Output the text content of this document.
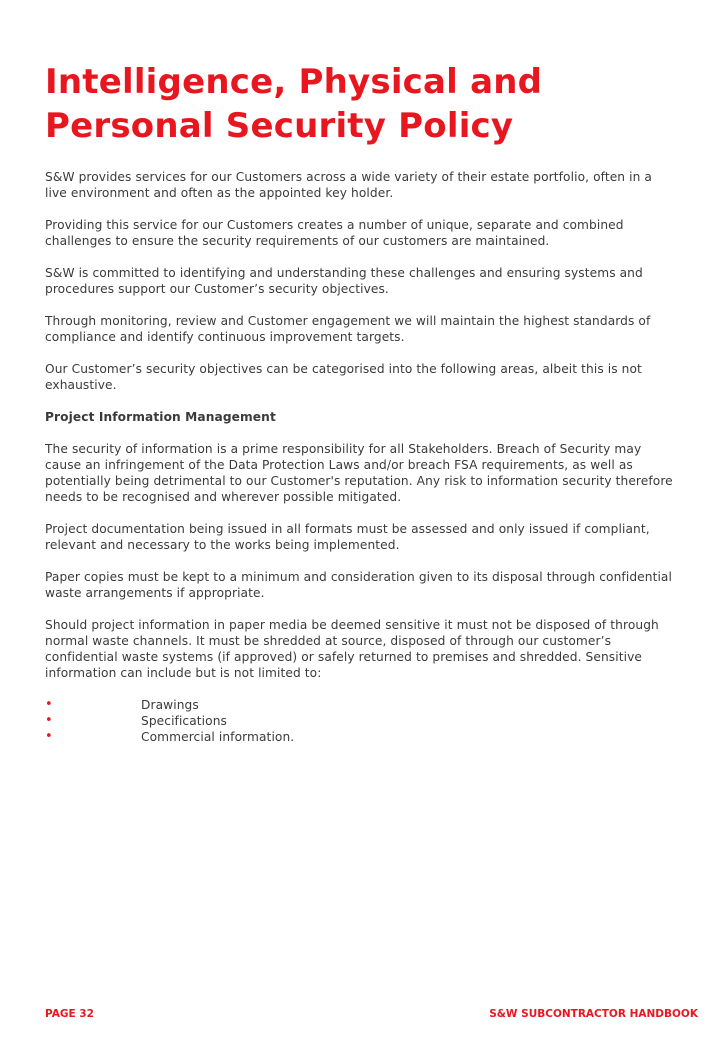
Intelligence, Physical and Personal Security Policy

S&W provides services for our Customers across a wide variety of their estate portfolio, often in a live environment and often as the appointed key holder.

Providing this service for our Customers creates a number of unique, separate and combined challenges to ensure the security requirements of our customers are maintained.

S&W is committed to identifying and understanding these challenges and ensuring systems and procedures support our Customer’s security objectives.

Through monitoring, review and Customer engagement we will maintain the highest standards of compliance and identify continuous improvement targets.

Our Customer’s security objectives can be categorised into the following areas, albeit this is not exhaustive.

Project Information Management

The security of information is a prime responsibility for all Stakeholders. Breach of Security may cause an infringement of the Data Protection Laws and/or breach FSA requirements, as well as potentially being detrimental to our Customer's reputation. Any risk to information security therefore needs to be recognised and wherever possible mitigated.

Project documentation being issued in all formats must be assessed and only issued if compliant, relevant and necessary to the works being implemented.

Paper copies must be kept to a minimum and consideration given to its disposal through confidential waste arrangements if appropriate.

Should project information in paper media be deemed sensitive it must not be disposed of through normal waste channels. It must be shredded at source, disposed of through our customer’s confidential waste systems (if approved) or safely returned to premises and shredded. Sensitive information can include but is not limited to:

•	Drawings
•	Specifications
•	Commercial information.
PAGE 32	S&W SUBCONTRACTOR HANDBOOK
